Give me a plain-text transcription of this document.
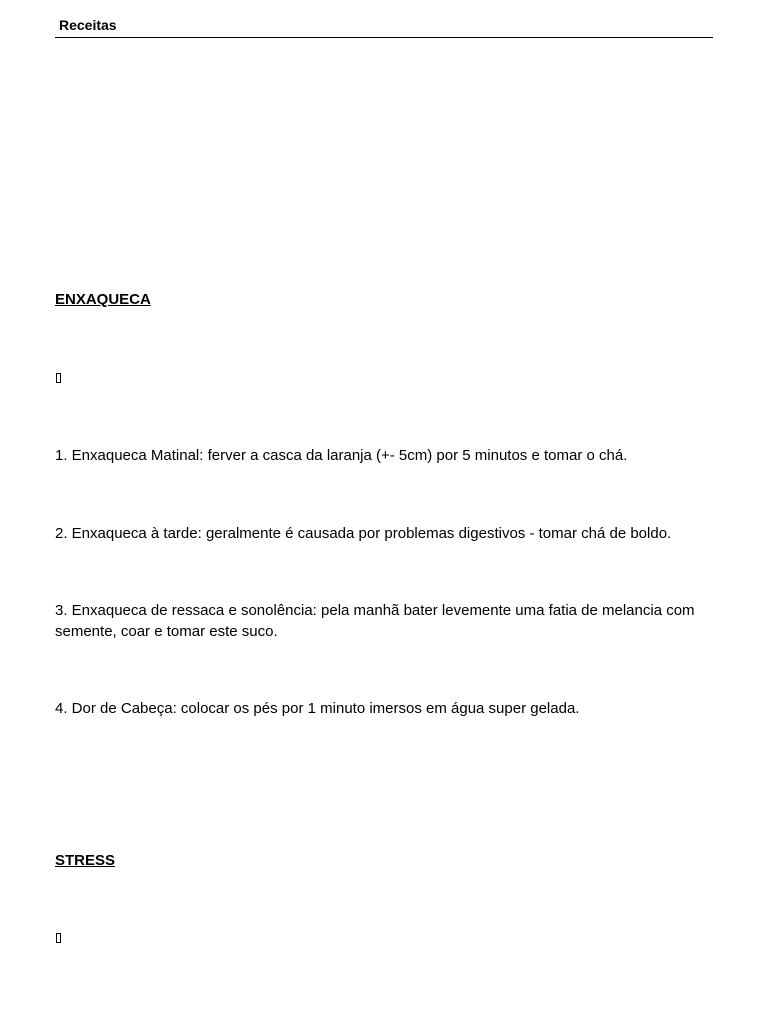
Receitas
ENXAQUECA
1. Enxaqueca Matinal: ferver a casca da laranja (+- 5cm) por 5 minutos e tomar o chá.
2. Enxaqueca à tarde: geralmente é causada por problemas digestivos - tomar chá de boldo.
3. Enxaqueca de ressaca e sonolência: pela manhã bater levemente uma fatia de melancia com semente, coar e tomar este suco.
4. Dor de Cabeça: colocar os pés por 1 minuto imersos em água super gelada.
STRESS
